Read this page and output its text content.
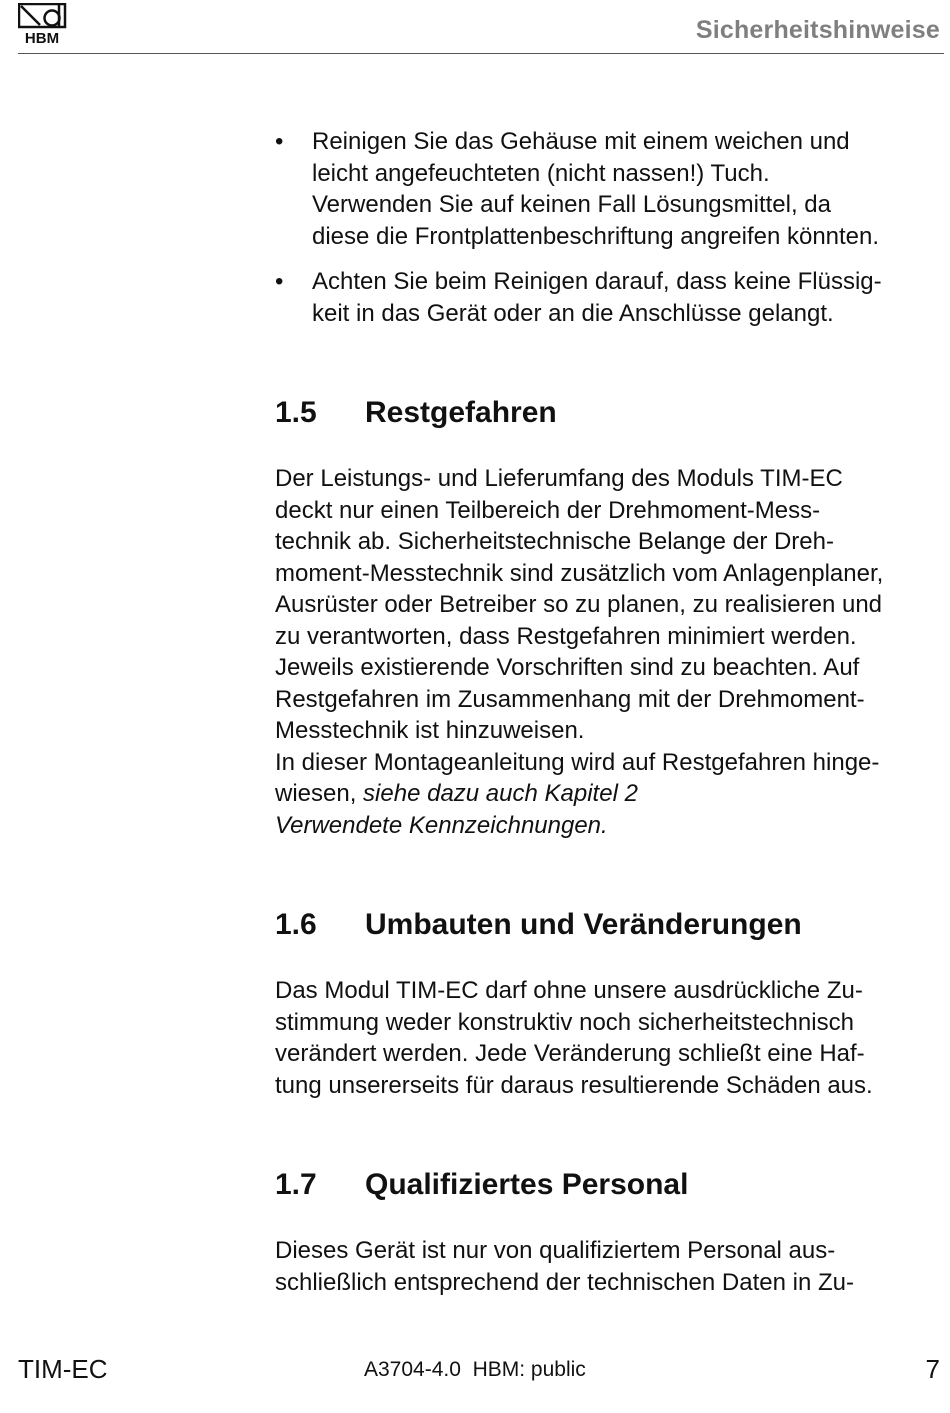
HBM	Sicherheitshinweise
• Reinigen Sie das Gehäuse mit einem weichen und
leicht angefeuchteten (nicht nassen!) Tuch.
Verwenden Sie auf keinen Fall Lösungsmittel, da
diese die Frontplattenbeschriftung angreifen könnten.
• Achten Sie beim Reinigen darauf, dass keine Flüssig-
keit in das Gerät oder an die Anschlüsse gelangt.
1.5	Restgefahren

Der Leistungs- und Lieferumfang des Moduls TIM-EC
deckt nur einen Teilbereich der Drehmoment-Mess-
technik ab. Sicherheitstechnische Belange der Dreh-
moment-Messtechnik sind zusätzlich vom Anlagenplaner,
Ausrüster oder Betreiber so zu planen, zu realisieren und
zu verantworten, dass Restgefahren minimiert werden.
Jeweils existierende Vorschriften sind zu beachten. Auf
Restgefahren im Zusammenhang mit der Drehmoment-
Messtechnik ist hinzuweisen.
In dieser Montageanleitung wird auf Restgefahren hinge-
wiesen, siehe dazu auch Kapitel 2
Verwendete Kennzeichnungen.

1.6	Umbauten und Veränderungen

Das Modul TIM-EC darf ohne unsere ausdrückliche Zu-
stimmung weder konstruktiv noch sicherheitstechnisch
verändert werden. Jede Veränderung schließt eine Haf-
tung unsererseits für daraus resultierende Schäden aus.

1.7	Qualifiziertes Personal

Dieses Gerät ist nur von qualifiziertem Personal aus-
schließlich entsprechend der technischen Daten in Zu-

TIM-EC	A3704-4.0  HBM: public	7
